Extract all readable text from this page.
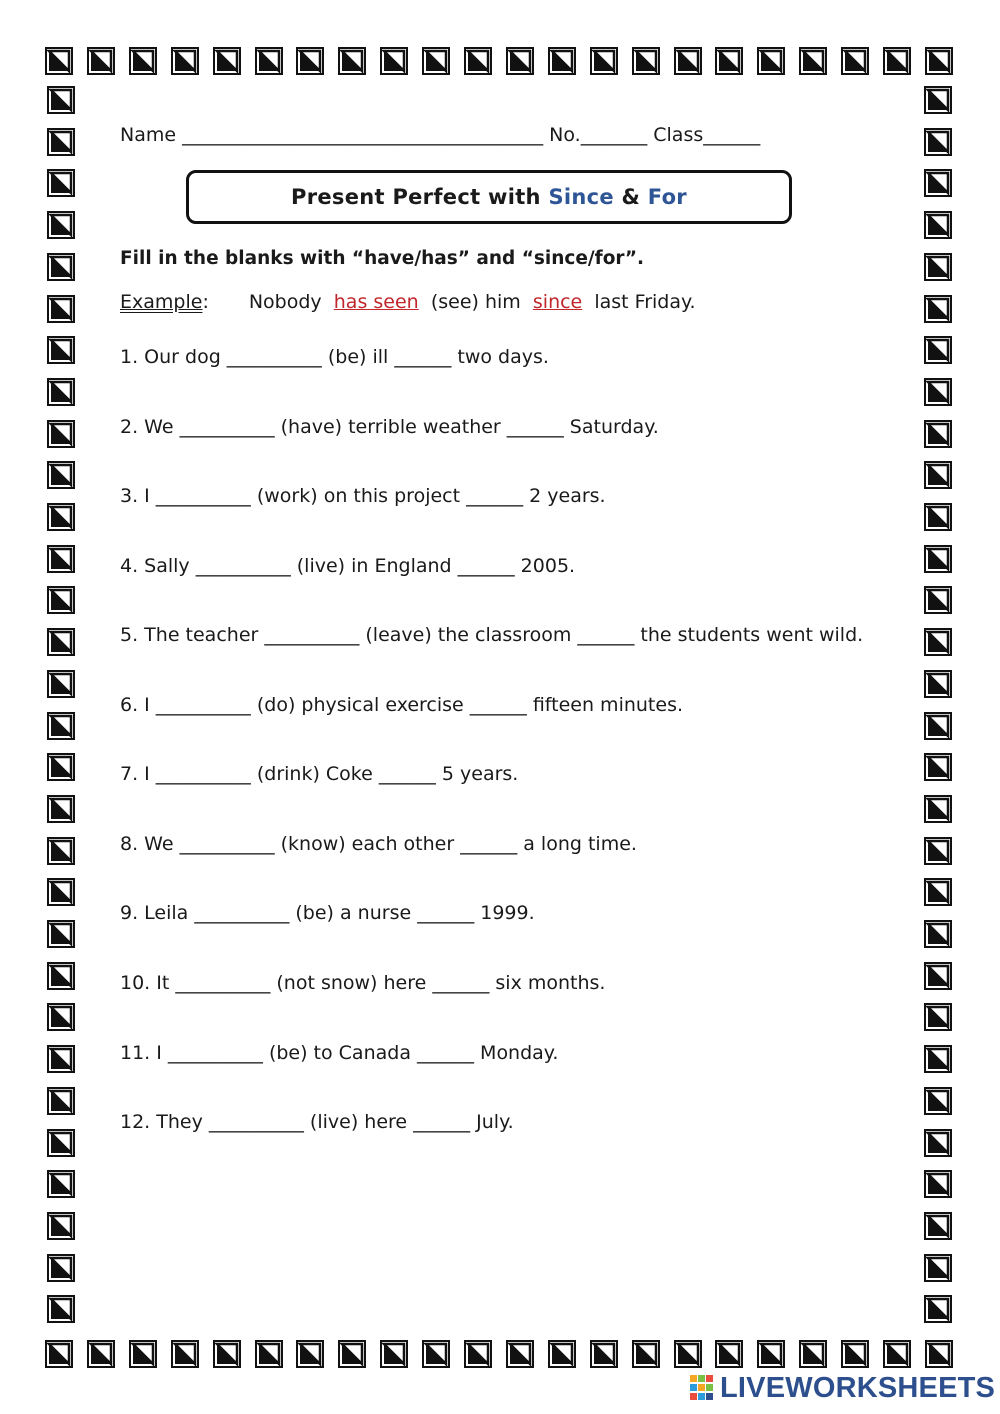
Name ______________________________________ No._______ Class______
Present Perfect with
Since
&
For
Fill in the blanks with “have/has” and “since/for”.
Example: Nobody has seen (see) him since last Friday.
1. Our dog __________ (be) ill ______ two days.
2. We __________ (have) terrible weather ______ Saturday.
3. I __________ (work) on this project ______ 2 years.
4. Sally __________ (live) in England ______ 2005.
5. The teacher __________ (leave) the classroom ______ the students went wild.
6. I __________ (do) physical exercise ______ fifteen minutes.
7. I __________ (drink) Coke ______ 5 years.
8. We __________ (know) each other ______ a long time.
9. Leila __________ (be) a nurse ______ 1999.
10. It __________ (not snow) here ______ six months.
11. I __________ (be) to Canada ______ Monday.
12. They __________ (live) here ______ July.
LIVEWORKSHEETS
